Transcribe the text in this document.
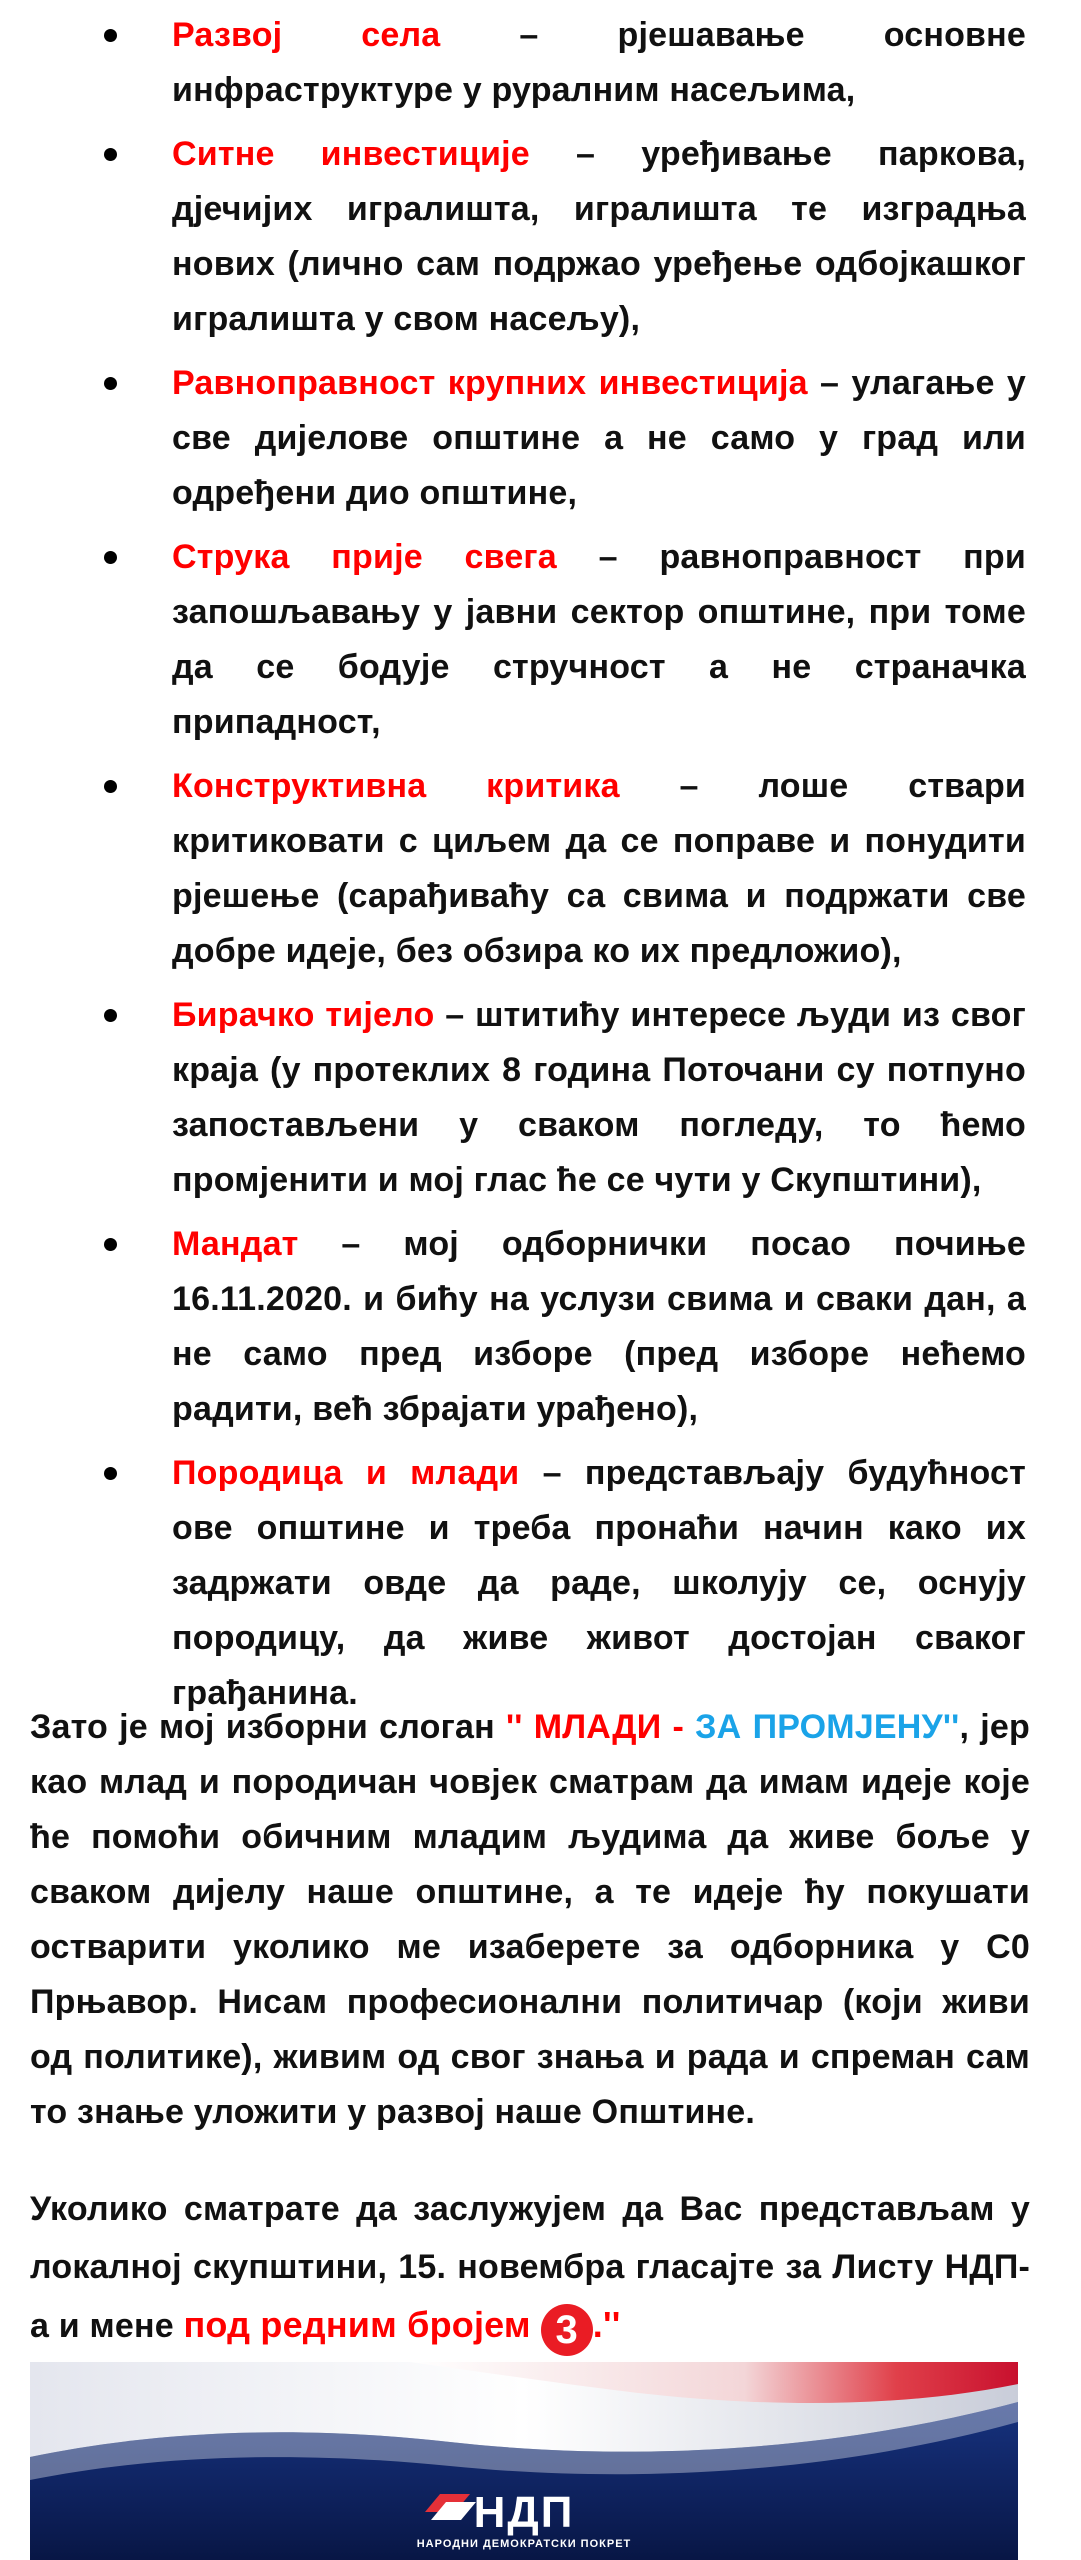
Развој села – рјешавање основне инфраструктуре у руралним насељима,
Ситне инвестиције – уређивање паркова, дјечијих игралишта, игралишта те изградња нових (лично сам подржао уређење одбојкашког игралишта у свом насељу),
Равноправност крупних инвестиција – улагање у све дијелове општине а не само у град или одређени дио општине,
Струка прије свега – равноправност при запошљавању у јавни сектор општине, при томе да се бодује стручност а не страначка припадност,
Конструктивна критика – лоше ствари критиковати с циљем да се поправе и понудити рјешење (сарађиваћу са свима и подржати све добре идеје, без обзира ко их предложио),
Бирачко тијело – штитићу интересе људи из свог краја (у протеклих 8 година Поточани су потпуно запостављени у сваком погледу, то ћемо промјенити и мој глас ће се чути у Скупштини),
Мандат – мој одборнички посао почиње 16.11.2020. и бићу на услузи свима и сваки дан, а не само пред изборе (пред изборе нећемо радити, већ збрајати урађено),
Породица и млади – представљају будућност ове општине и треба пронаћи начин како их задржати овде да раде, школују се, оснују породицу, да живе живот достојан сваког грађанина.

Зато је мој изборни слоган '' МЛАДИ - ЗА ПРОМЈЕНУ'', јер као млад и породичан човјек сматрам да имам идеје које ће помоћи обичним младим људима да живе боље у сваком дијелу наше општине, а те идеје ћу покушати остварити уколико ме изаберете за одборника у С0 Прњавор. Нисам професионални политичар (који живи од политике), живим од свог знања и рада и спреман сам то знање уложити у развој наше Општине.

Уколико сматрате да заслужујем да Вас представљам у локалној скупштини, 15. новембра гласајте за Листу НДП-а и мене под редним бројем 3 .''

НДП
НАРОДНИ ДЕМОКРАТСКИ ПОКРЕТ
